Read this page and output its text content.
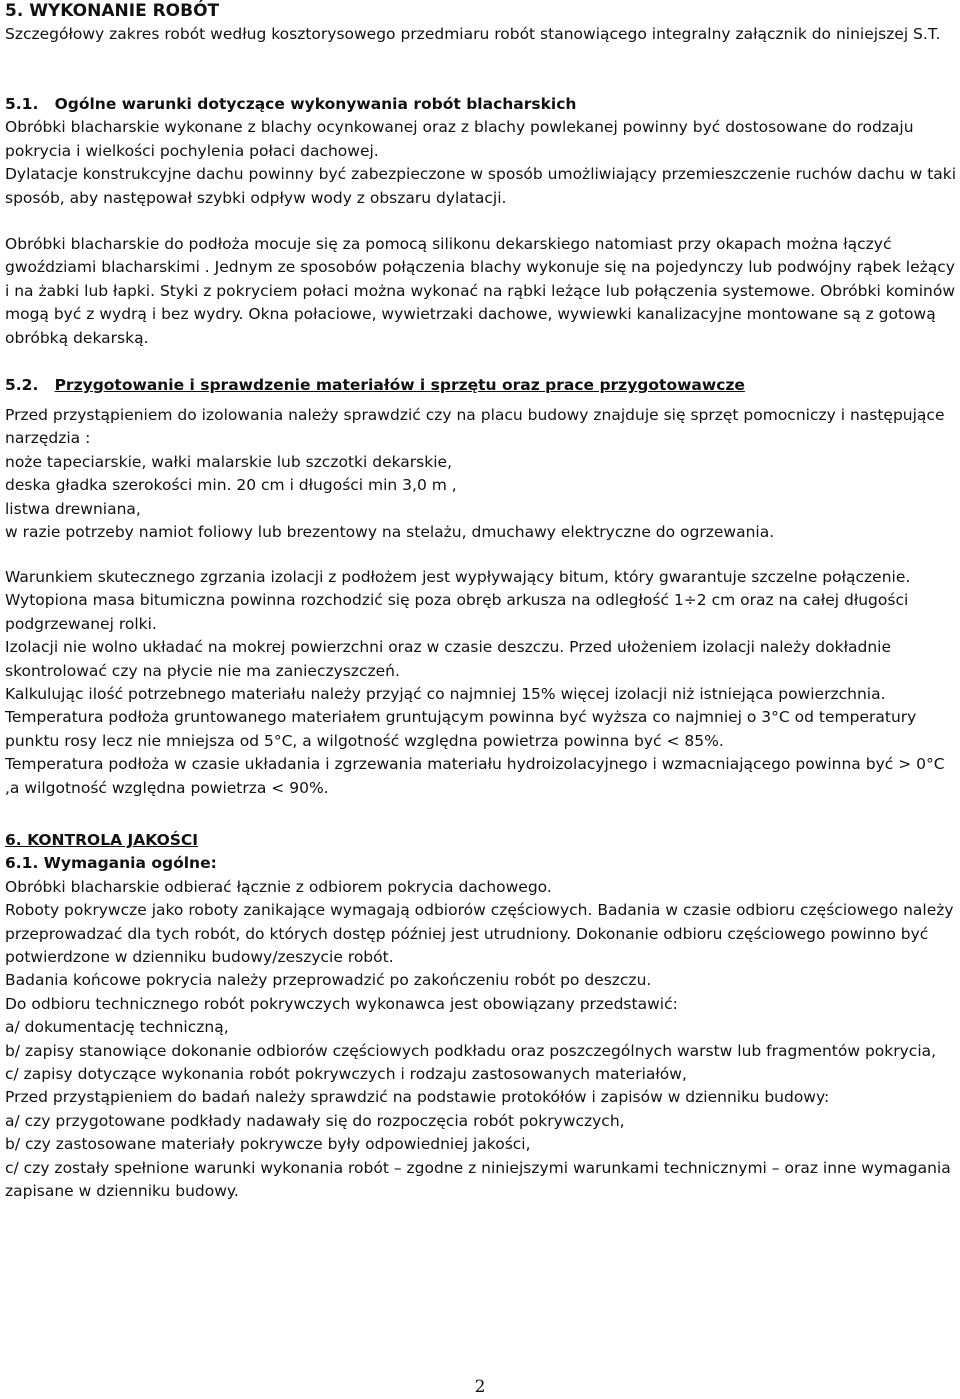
5. WYKONANIE ROBÓT

Szczegółowy zakres robót według kosztorysowego przedmiaru robót stanowiącego integralny załącznik do niniejszej S.T.

5.1. Ogólne warunki dotyczące wykonywania robót blacharskich

Obróbki blacharskie wykonane z blachy ocynkowanej oraz z blachy powlekanej powinny być dostosowane do rodzaju pokrycia i wielkości pochylenia połaci dachowej.

Dylatacje konstrukcyjne dachu powinny być zabezpieczone w sposób umożliwiający przemieszczenie ruchów dachu w taki sposób, aby następował szybki odpływ wody z obszaru dylatacji.

Obróbki blacharskie do podłoża mocuje się za pomocą silikonu dekarskiego natomiast przy okapach można łączyć gwoździami blacharskimi . Jednym ze sposobów połączenia blachy wykonuje się na pojedynczy lub podwójny rąbek leżący i na żabki lub łapki. Styki z pokryciem połaci można wykonać na rąbki leżące lub połączenia systemowe. Obróbki kominów mogą być z wydrą i bez wydry. Okna połaciowe, wywietrzaki dachowe, wywiewki kanalizacyjne montowane są z gotową obróbką dekarską.

5.2. Przygotowanie i sprawdzenie materiałów i sprzętu oraz prace przygotowawcze

Przed przystąpieniem do izolowania należy sprawdzić czy na placu budowy znajduje się sprzęt pomocniczy i następujące narzędzia :

noże tapeciarskie, wałki malarskie lub szczotki dekarskie,

deska gładka szerokości min. 20 cm i długości min 3,0 m ,

listwa drewniana,

w razie potrzeby namiot foliowy lub brezentowy na stelażu, dmuchawy elektryczne do ogrzewania.

Warunkiem skutecznego zgrzania izolacji z podłożem jest wypływający bitum, który gwarantuje szczelne połączenie.

Wytopiona masa bitumiczna powinna rozchodzić się poza obręb arkusza na odległość 1÷2 cm oraz na całej długości podgrzewanej rolki.

Izolacji nie wolno układać na mokrej powierzchni oraz w czasie deszczu. Przed ułożeniem izolacji należy dokładnie skontrolować czy na płycie nie ma zanieczyszczeń.

Kalkulując ilość potrzebnego materiału należy przyjąć co najmniej 15% więcej izolacji niż istniejąca powierzchnia.

Temperatura podłoża gruntowanego materiałem gruntującym powinna być wyższa co najmniej o 3°C od temperatury punktu rosy lecz nie mniejsza od 5°C, a wilgotność względna powietrza powinna być < 85%.

Temperatura podłoża w czasie układania i zgrzewania materiału hydroizolacyjnego i wzmacniającego powinna być > 0°C ,a wilgotność względna powietrza < 90%.

6. KONTROLA JAKOŚCI

6.1. Wymagania ogólne:

Obróbki blacharskie odbierać łącznie z odbiorem pokrycia dachowego.

Roboty pokrywcze jako roboty zanikające wymagają odbiorów częściowych. Badania w czasie odbioru częściowego należy przeprowadzać dla tych robót, do których dostęp później jest utrudniony. Dokonanie odbioru częściowego powinno być potwierdzone w dzienniku budowy/zeszycie robót.

Badania końcowe pokrycia należy przeprowadzić po zakończeniu robót po deszczu.

Do odbioru technicznego robót pokrywczych wykonawca jest obowiązany przedstawić:

a/ dokumentację techniczną,

b/ zapisy stanowiące dokonanie odbiorów częściowych podkładu oraz poszczególnych warstw lub fragmentów pokrycia,

c/ zapisy dotyczące wykonania robót pokrywczych i rodzaju zastosowanych materiałów,

Przed przystąpieniem do badań należy sprawdzić na podstawie protokółów i zapisów w dzienniku budowy:

a/ czy przygotowane podkłady nadawały się do rozpoczęcia robót pokrywczych,

b/ czy zastosowane materiały pokrywcze były odpowiedniej jakości,

c/ czy zostały spełnione warunki wykonania robót – zgodne z niniejszymi warunkami technicznymi – oraz inne wymagania zapisane w dzienniku budowy.

2
